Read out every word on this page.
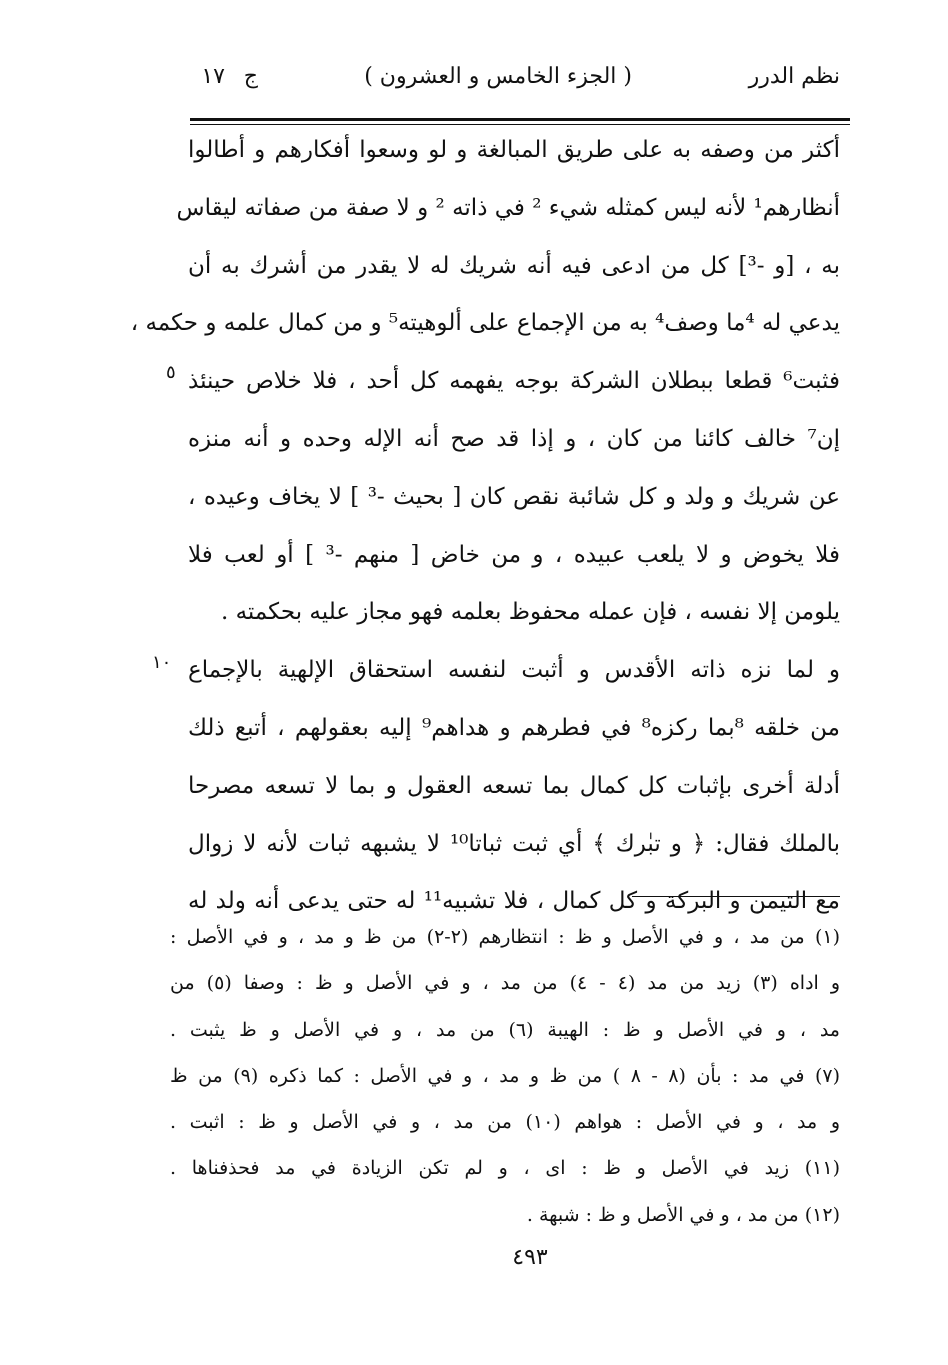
نظم الدرر
( الجزء الخامس و العشرون )
ج
١٧
أكثر من وصفه به على طريق المبالغة و لو وسعوا أفكارهم و أطالوا
أنظارهم¹ لأنه ليس كمثله شيء ² في ذاته ² و لا صفة من صفاته ليقاس
به ، [و -³] كل من ادعى فيه أنه شريك له لا يقدر من أشرك به أن
يدعي له ⁴ما وصف⁴ به من الإجماع على ألوهيته⁵ و من كمال علمه و حكمه ،
فثبت⁶ قطعا ببطلان الشركة بوجه يفهمه كل أحد ، فلا خلاص حينئذ
إن⁷ خالف كائنا من كان ، و إذا قد صح أنه الإله وحده و أنه منزه
عن شريك و ولد و كل شائبة نقص كان [ بحيث -³ ] لا يخاف وعيده ،
فلا يخوض و لا يلعب عبيده ، و من خاض [ منهم -³ ] أو لعب فلا
يلومن إلا نفسه ، فإن عمله محفوظ بعلمه فهو مجاز عليه بحكمته .
و لما نزه ذاته الأقدس و أثبت لنفسه استحقاق الإلهية بالإجماع
من خلقه ⁸بما ركزه⁸ في فطرهم و هداهم⁹ إليه بعقولهم ، أتبع ذلك
أدلة أخرى بإثبات كل كمال بما تسعه العقول و بما لا تسعه مصرحا
بالملك فقال: ﴿ و تبٰرك ﴾ أي ثبت ثباتا¹⁰ لا يشبهه ثبات لأنه لا زوال
مع التيمن و البركة و كل كمال ، فلا تشبيه¹¹ له حتى يدعى أنه ولد له
٥
١٠
(١) من مد ، و في الأصل و ظ : انتظارهم (٢-٢) من ظ و مد ، و في الأصل :
و اداه (٣) زيد من مد (٤ - ٤) من مد ، و في الأصل و ظ : وصفا (٥) من
مد ، و في الأصل و ظ : الهيبة (٦) من مد ، و في الأصل و ظ يثبت .
(٧) في مد : بأن (٨ - ٨ ) من ظ و مد ، و في الأصل : كما ذكره (٩) من ظ
و مد ، و في الأصل : هواهم (١٠) من مد ، و في الأصل و ظ : اثبت .
(١١) زيد في الأصل و ظ : اى ، و لم تكن الزيادة في مد فحذفناها .
(١٢) من مد ، و في الأصل و ظ : شبهة .
٤٩٣
